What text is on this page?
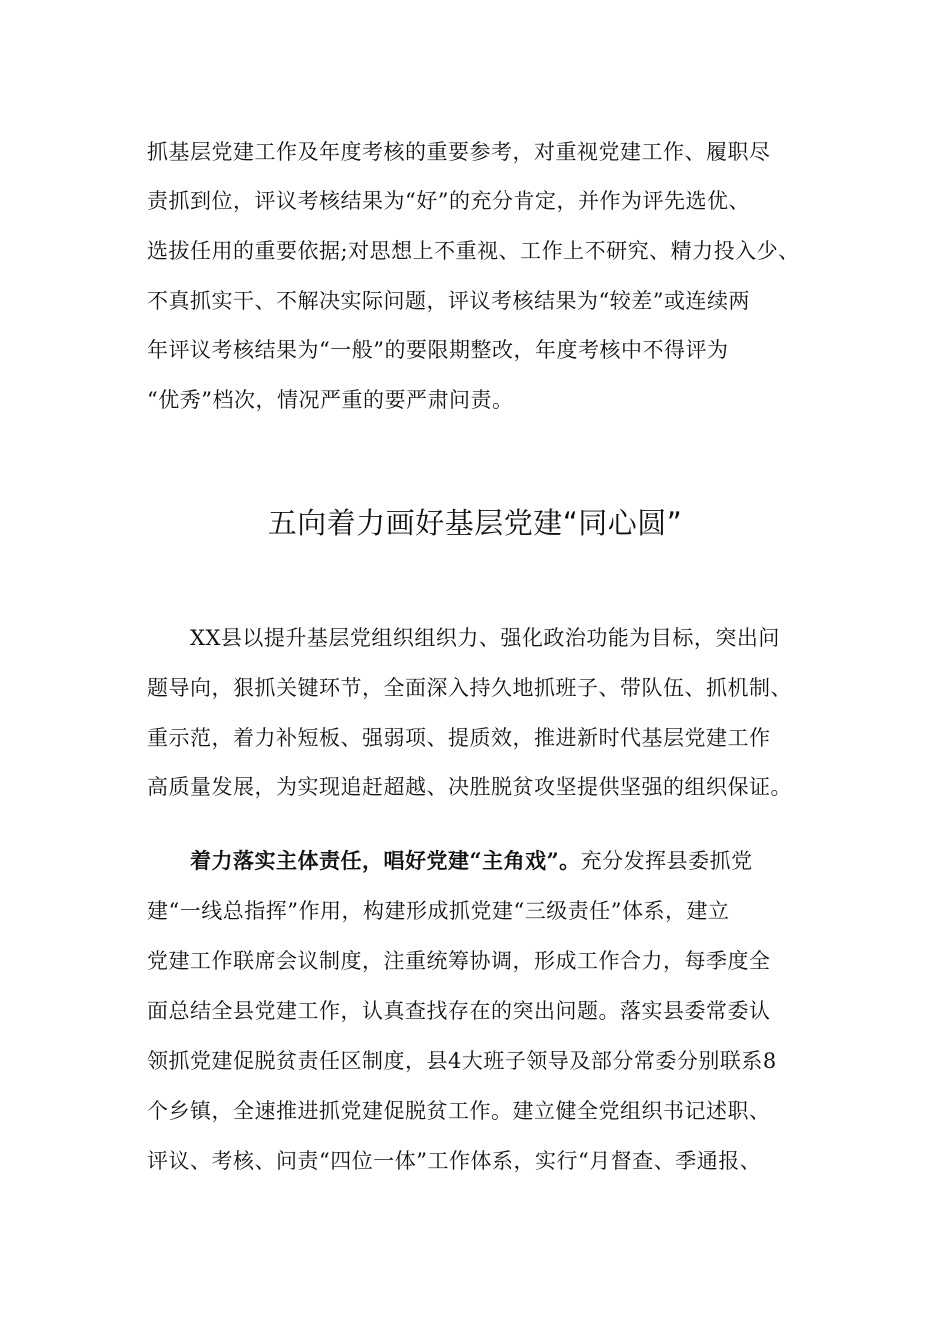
抓基层党建工作及年度考核的重要参考，对重视党建工作、履职尽
责抓到位，评议考核结果为“好”的充分肯定，并作为评先选优、
选拔任用的重要依据;对思想上不重视、工作上不研究、精力投入少、
不真抓实干、不解决实际问题，评议考核结果为“较差”或连续两
年评议考核结果为“一般”的要限期整改，年度考核中不得评为
“优秀”档次，情况严重的要严肃问责。
五向着力画好基层党建“同心圆”
XX县以提升基层党组织组织力、强化政治功能为目标，突出问
题导向，狠抓关键环节，全面深入持久地抓班子、带队伍、抓机制、
重示范，着力补短板、强弱项、提质效，推进新时代基层党建工作
高质量发展，为实现追赶超越、决胜脱贫攻坚提供坚强的组织保证。
着力落实主体责任，唱好党建“主角戏”。充分发挥县委抓党
建“一线总指挥”作用，构建形成抓党建“三级责任”体系，建立
党建工作联席会议制度，注重统筹协调，形成工作合力，每季度全
面总结全县党建工作，认真查找存在的突出问题。落实县委常委认
领抓党建促脱贫责任区制度，县4大班子领导及部分常委分别联系8
个乡镇，全速推进抓党建促脱贫工作。建立健全党组织书记述职、
评议、考核、问责“四位一体”工作体系，实行“月督查、季通报、
